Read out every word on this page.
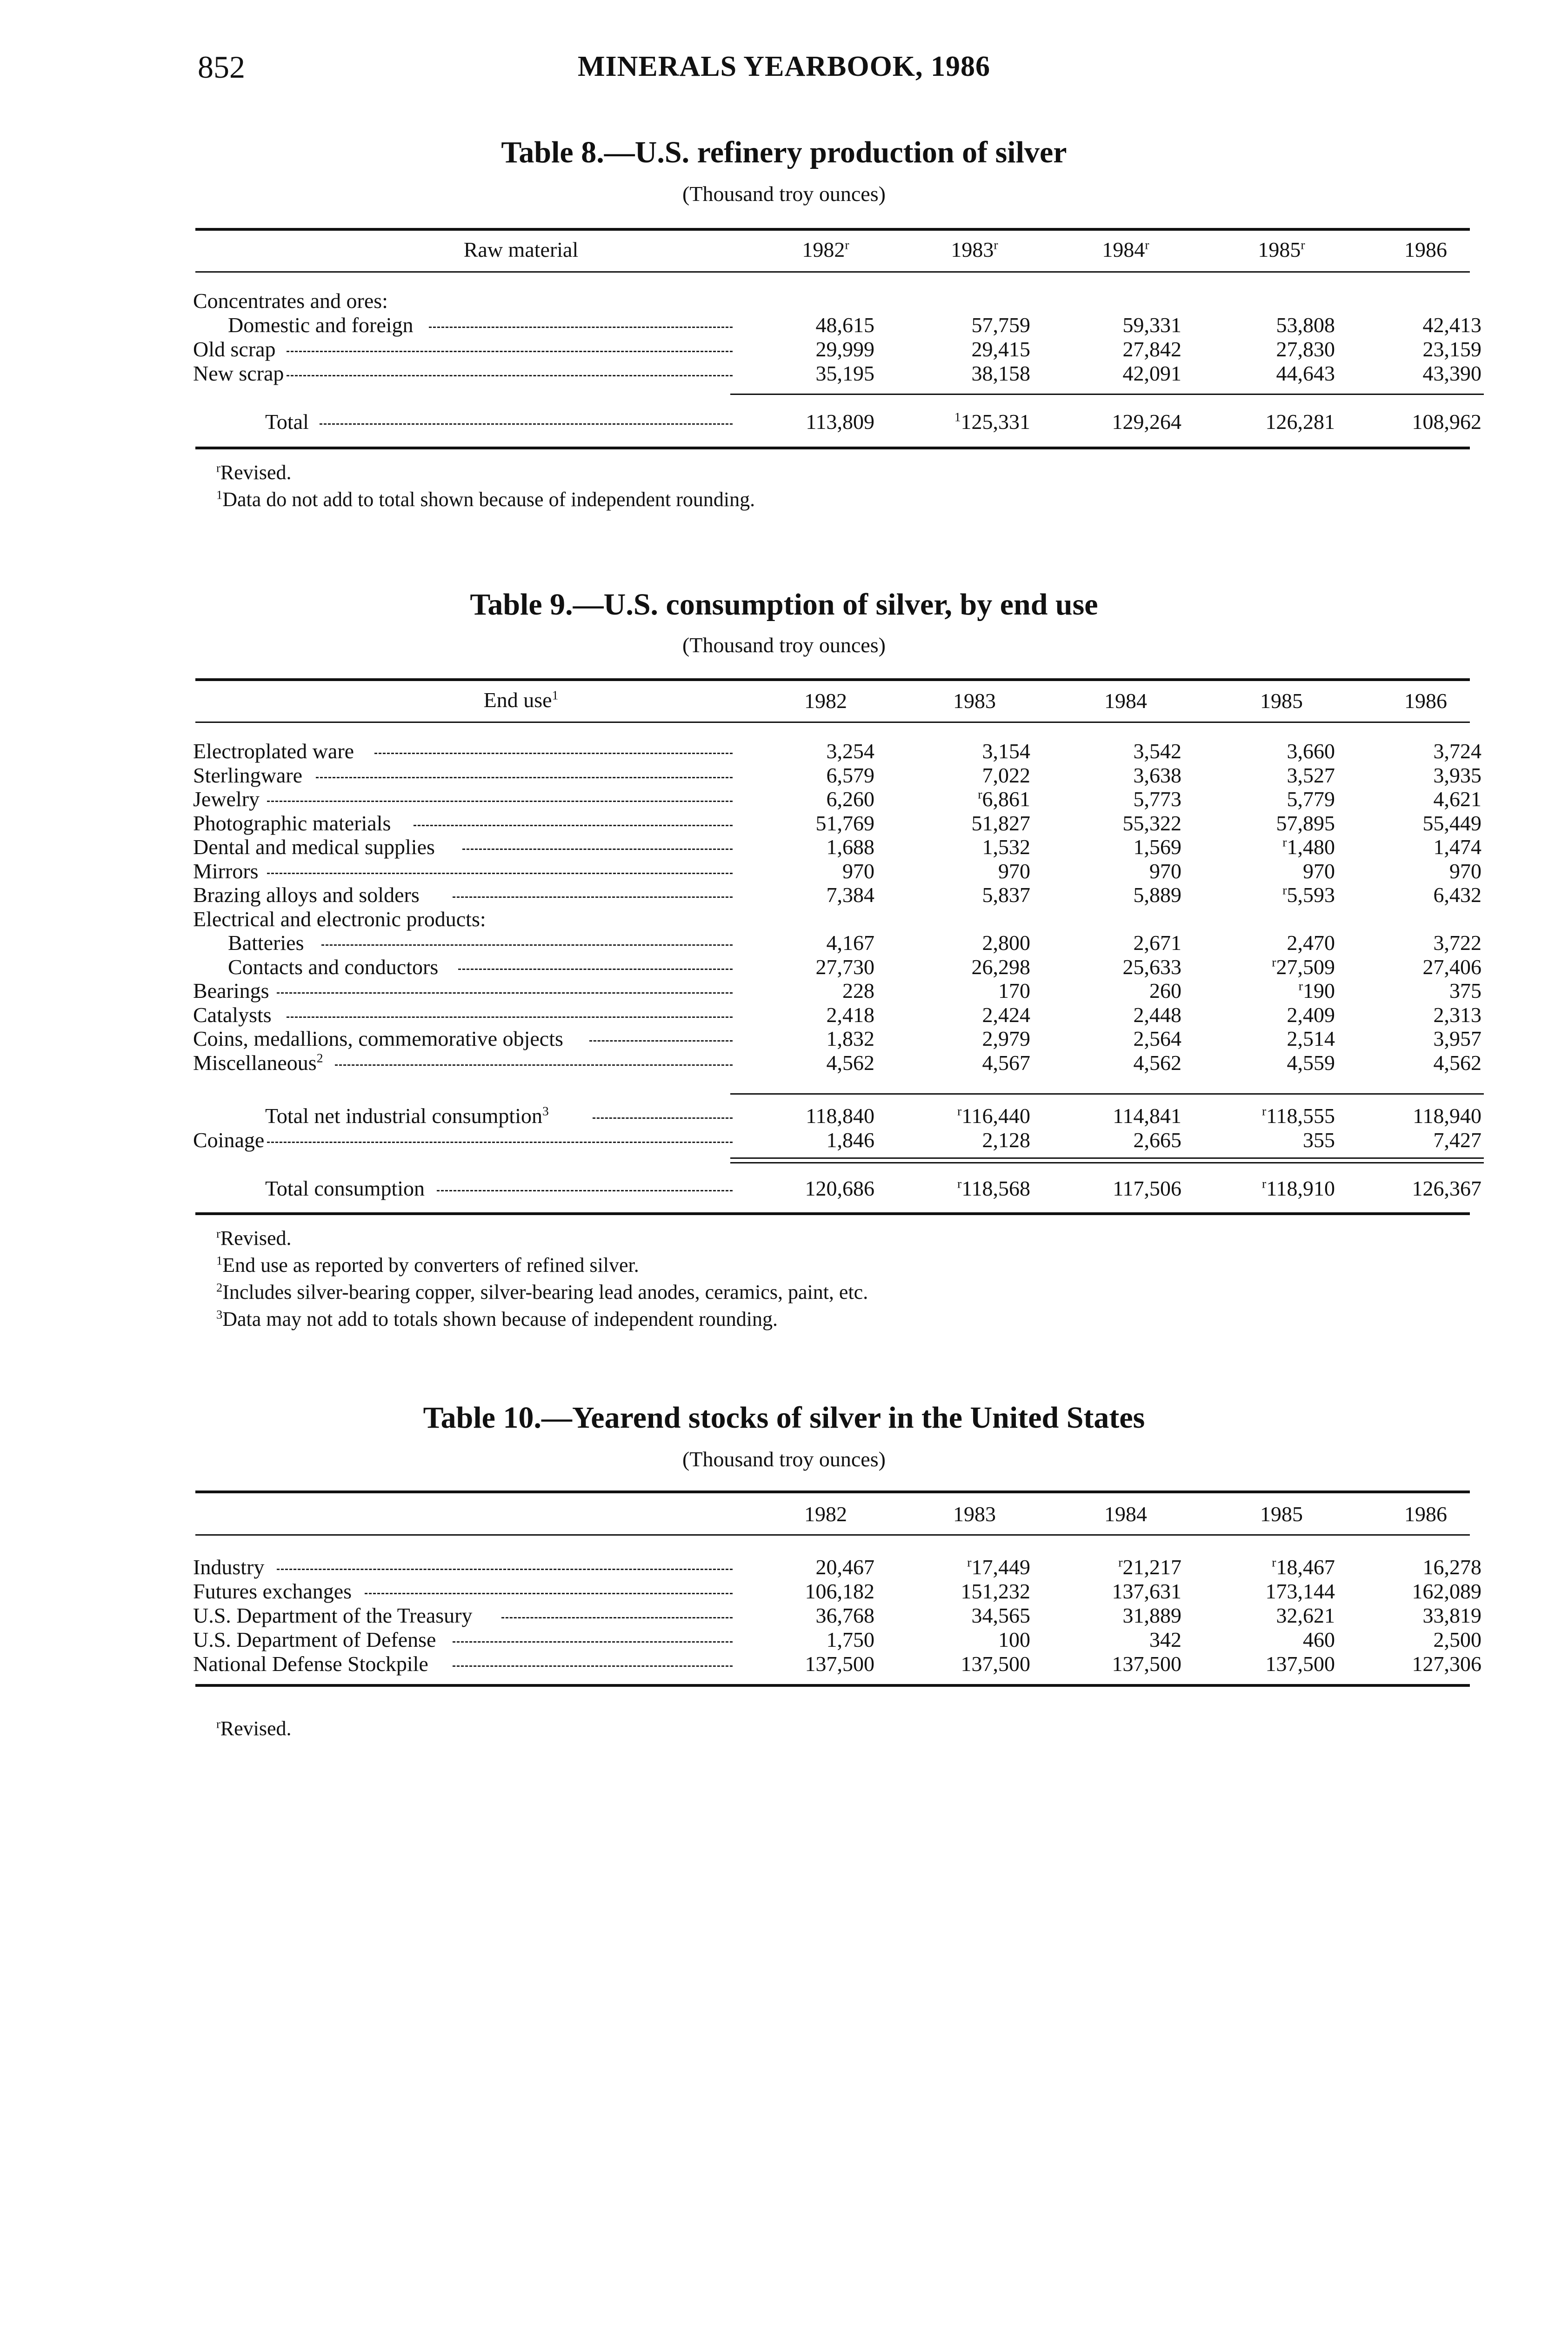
852	MINERALS YEARBOOK, 1986
Table 8.—U.S. refinery production of silver
(Thousand troy ounces)
Raw material	1982$^r$	1983$^r$	1984$^r$	1985$^r$	1986
Concentrates and ores:
Domestic and foreign	48,615	57,759	59,331	53,808	42,413
Old scrap	29,999	29,415	27,842	27,830	23,159
New scrap	35,195	38,158	42,091	44,643	43,390
Total	113,809	$^1$125,331	129,264	126,281	108,962
$^r$Revised.
$^1$Data do not add to total shown because of independent rounding.
Table 9.—U.S. consumption of silver, by end use
(Thousand troy ounces)
End use$^1$	1982	1983	1984	1985	1986
Electroplated ware	3,254	3,154	3,542	3,660	3,724
Sterlingware	6,579	7,022	3,638	3,527	3,935
Jewelry	6,260	$^r$6,861	5,773	5,779	4,621
Photographic materials	51,769	51,827	55,322	57,895	55,449
Dental and medical supplies	1,688	1,532	1,569	$^r$1,480	1,474
Mirrors	970	970	970	970	970
Brazing alloys and solders	7,384	5,837	5,889	$^r$5,593	6,432
Electrical and electronic products:
Batteries	4,167	2,800	2,671	2,470	3,722
Contacts and conductors	27,730	26,298	25,633	$^r$27,509	27,406
Bearings	228	170	260	$^r$190	375
Catalysts	2,418	2,424	2,448	2,409	2,313
Coins, medallions, commemorative objects	1,832	2,979	2,564	2,514	3,957
Miscellaneous$^2$	4,562	4,567	4,562	4,559	4,562
Total net industrial consumption$^3$	118,840	$^r$116,440	114,841	$^r$118,555	118,940
Coinage	1,846	2,128	2,665	355	7,427
Total consumption	120,686	$^r$118,568	117,506	$^r$118,910	126,367
$^r$Revised.
$^1$End use as reported by converters of refined silver.
$^2$Includes silver-bearing copper, silver-bearing lead anodes, ceramics, paint, etc.
$^3$Data may not add to totals shown because of independent rounding.
Table 10.—Yearend stocks of silver in the United States
(Thousand troy ounces)
1982	1983	1984	1985	1986
Industry	20,467	$^r$17,449	$^r$21,217	$^r$18,467	16,278
Futures exchanges	106,182	151,232	137,631	173,144	162,089
U.S. Department of the Treasury	36,768	34,565	31,889	32,621	33,819
U.S. Department of Defense	1,750	100	342	460	2,500
National Defense Stockpile	137,500	137,500	137,500	137,500	127,306
$^r$Revised.
